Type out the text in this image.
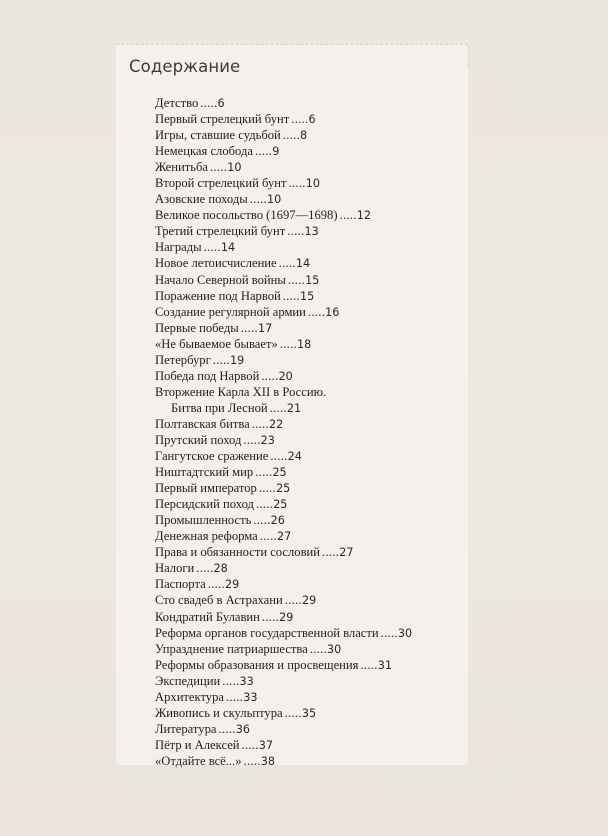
Содержание
Детство .....6
Первый стрелецкий бунт .....6
Игры, ставшие судьбой .....8
Немецкая слобода .....9
Женитьба .....10
Второй стрелецкий бунт .....10
Азовские походы .....10
Великое посольство (1697—1698) .....12
Третий стрелецкий бунт .....13
Награды .....14
Новое летоисчисление .....14
Начало Северной войны .....15
Поражение под Нарвой .....15
Создание регулярной армии .....16
Первые победы .....17
«Не бываемое бывает» .....18
Петербург .....19
Победа под Нарвой .....20
Вторжение Карла XII в Россию.
Битва при Лесной .....21
Полтавская битва .....22
Прутский поход .....23
Гангутское сражение .....24
Ништадтский мир .....25
Первый император .....25
Персидский поход .....25
Промышленность .....26
Денежная реформа .....27
Права и обязанности сословий .....27
Налоги .....28
Паспорта .....29
Сто свадеб в Астрахани .....29
Кондратий Булавин .....29
Реформа органов государственной власти .....30
Упразднение патриаршества .....30
Реформы образования и просвещения .....31
Экспедиции .....33
Архитектура .....33
Живопись и скульптура .....35
Литература .....36
Пётр и Алексей .....37
«Отдайте всё...» .....38
